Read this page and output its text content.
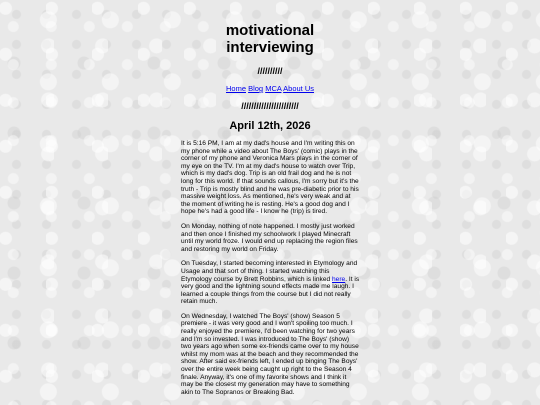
motivational
interviewing
//////////
Home Blog MCA About Us
///////////////////////
April 12th, 2026

It is 5:16 PM, I am at my dad's house and I'm writing this on my phone while a video about The Boys' (comic) plays in the corner of my phone and Veronica Mars plays in the corner of my eye on the TV. I'm at my dad's house to watch over Trip, which is my dad's dog. Trip is an old frail dog and he is not long for this world. If that sounds callous, I'm sorry but it's the truth - Trip is mostly blind and he was pre-diabetic prior to his massive weight loss. As mentioned, he's very weak and at the moment of writing he is resting. He's a good dog and I hope he's had a good life - I know he (trip) is tired.

On Monday, nothing of note happened. I mostly just worked and then once I finished my schoolwork I played Minecraft until my world froze. I would end up replacing the region files and restoring my world on Friday.

On Tuesday, I started becoming interested in Etymology and Usage and that sort of thing. I started watching this Etymology course by Brett Robbins, which is linked here. It is very good and the lightning sound effects made me laugh. I learned a couple things from the course but I did not really retain much.

On Wednesday, I watched The Boys' (show) Season 5 premiere - it was very good and I won't spoiling too much. I really enjoyed the premiere, I'd been watching for two years and I'm so invested. I was introduced to The Boys' (show) two years ago when some ex-friends came over to my house whilst my mom was at the beach and they recommended the show. After said ex-friends left, I ended up binging The Boys' over the entire week being caught up right to the Season 4 finale. Anyway, it's one of my favorite shows and I think it may be the closest my generation may have to something akin to The Sopranos or Breaking Bad.
